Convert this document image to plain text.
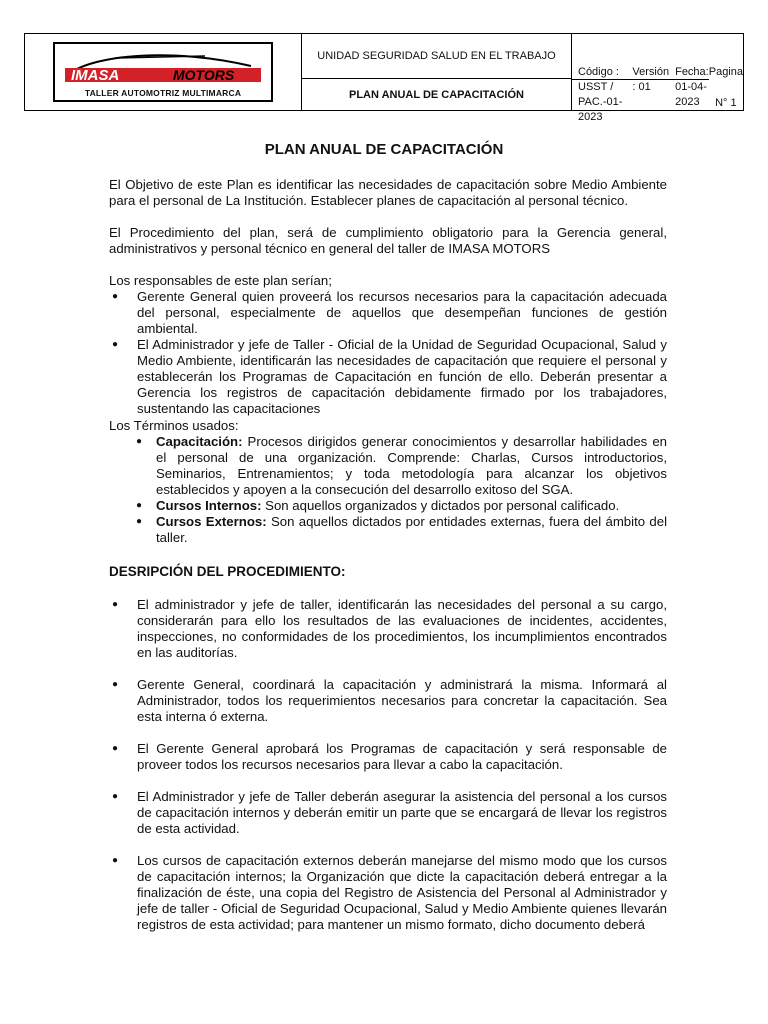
IMASA	MOTORS
TALLER AUTOMOTRIZ MULTIMARCA
UNIDAD SEGURIDAD SALUD EN EL TRABAJO
PLAN ANUAL DE CAPACITACIÓN
Código : USST / PAC.-01-2023
Versión : 01
Fecha: 01-04-2023
Pagina N° 1
PLAN ANUAL DE CAPACITACIÓN

El Objetivo de este Plan es identificar las necesidades de capacitación sobre Medio Ambiente para el personal de La Institución. Establecer planes de capacitación al personal técnico.

El Procedimiento del plan, será de cumplimiento obligatorio para la Gerencia general, administrativos y personal técnico en general del taller de IMASA MOTORS

Los responsables de este plan serían;

● Gerente General quien proveerá los recursos necesarios para la capacitación adecuada del personal, especialmente de aquellos que desempeñan funciones de gestión ambiental.
● El Administrador y jefe de Taller - Oficial de la Unidad de Seguridad Ocupacional, Salud y Medio Ambiente, identificarán las necesidades de capacitación que requiere el personal y establecerán los Programas de Capacitación en función de ello. Deberán presentar a Gerencia los registros de capacitación debidamente firmado por los trabajadores, sustentando las capacitaciones

Los Términos usados:

● Capacitación: Procesos dirigidos generar conocimientos y desarrollar habilidades en el personal de una organización. Comprende: Charlas, Cursos introductorios, Seminarios, Entrenamientos; y toda metodología para alcanzar los objetivos establecidos y apoyen a la consecución del desarrollo exitoso del SGA.
● Cursos Internos: Son aquellos organizados y dictados por personal calificado.
● Cursos Externos: Son aquellos dictados por entidades externas, fuera del ámbito del taller.
DESRIPCIÓN DEL PROCEDIMIENTO:
● El administrador y jefe de taller, identificarán las necesidades del personal a su cargo, considerarán para ello los resultados de las evaluaciones de incidentes, accidentes, inspecciones, no conformidades de los procedimientos, los incumplimientos encontrados en las auditorías.
● Gerente General, coordinará la capacitación y administrará la misma. Informará al Administrador, todos los requerimientos necesarios para concretar la capacitación. Sea esta interna ó externa.
● El Gerente General aprobará los Programas de capacitación y será responsable de proveer todos los recursos necesarios para llevar a cabo la capacitación.
● El Administrador y jefe de Taller deberán asegurar la asistencia del personal a los cursos de capacitación internos y deberán emitir un parte que se encargará de llevar los registros de esta actividad.
● Los cursos de capacitación externos deberán manejarse del mismo modo que los cursos de capacitación internos; la Organización que dicte la capacitación deberá entregar a la finalización de éste, una copia del Registro de Asistencia del Personal al Administrador y jefe de taller - Oficial de Seguridad Ocupacional, Salud y Medio Ambiente quienes llevarán registros de esta actividad; para mantener un mismo formato, dicho documento deberá
